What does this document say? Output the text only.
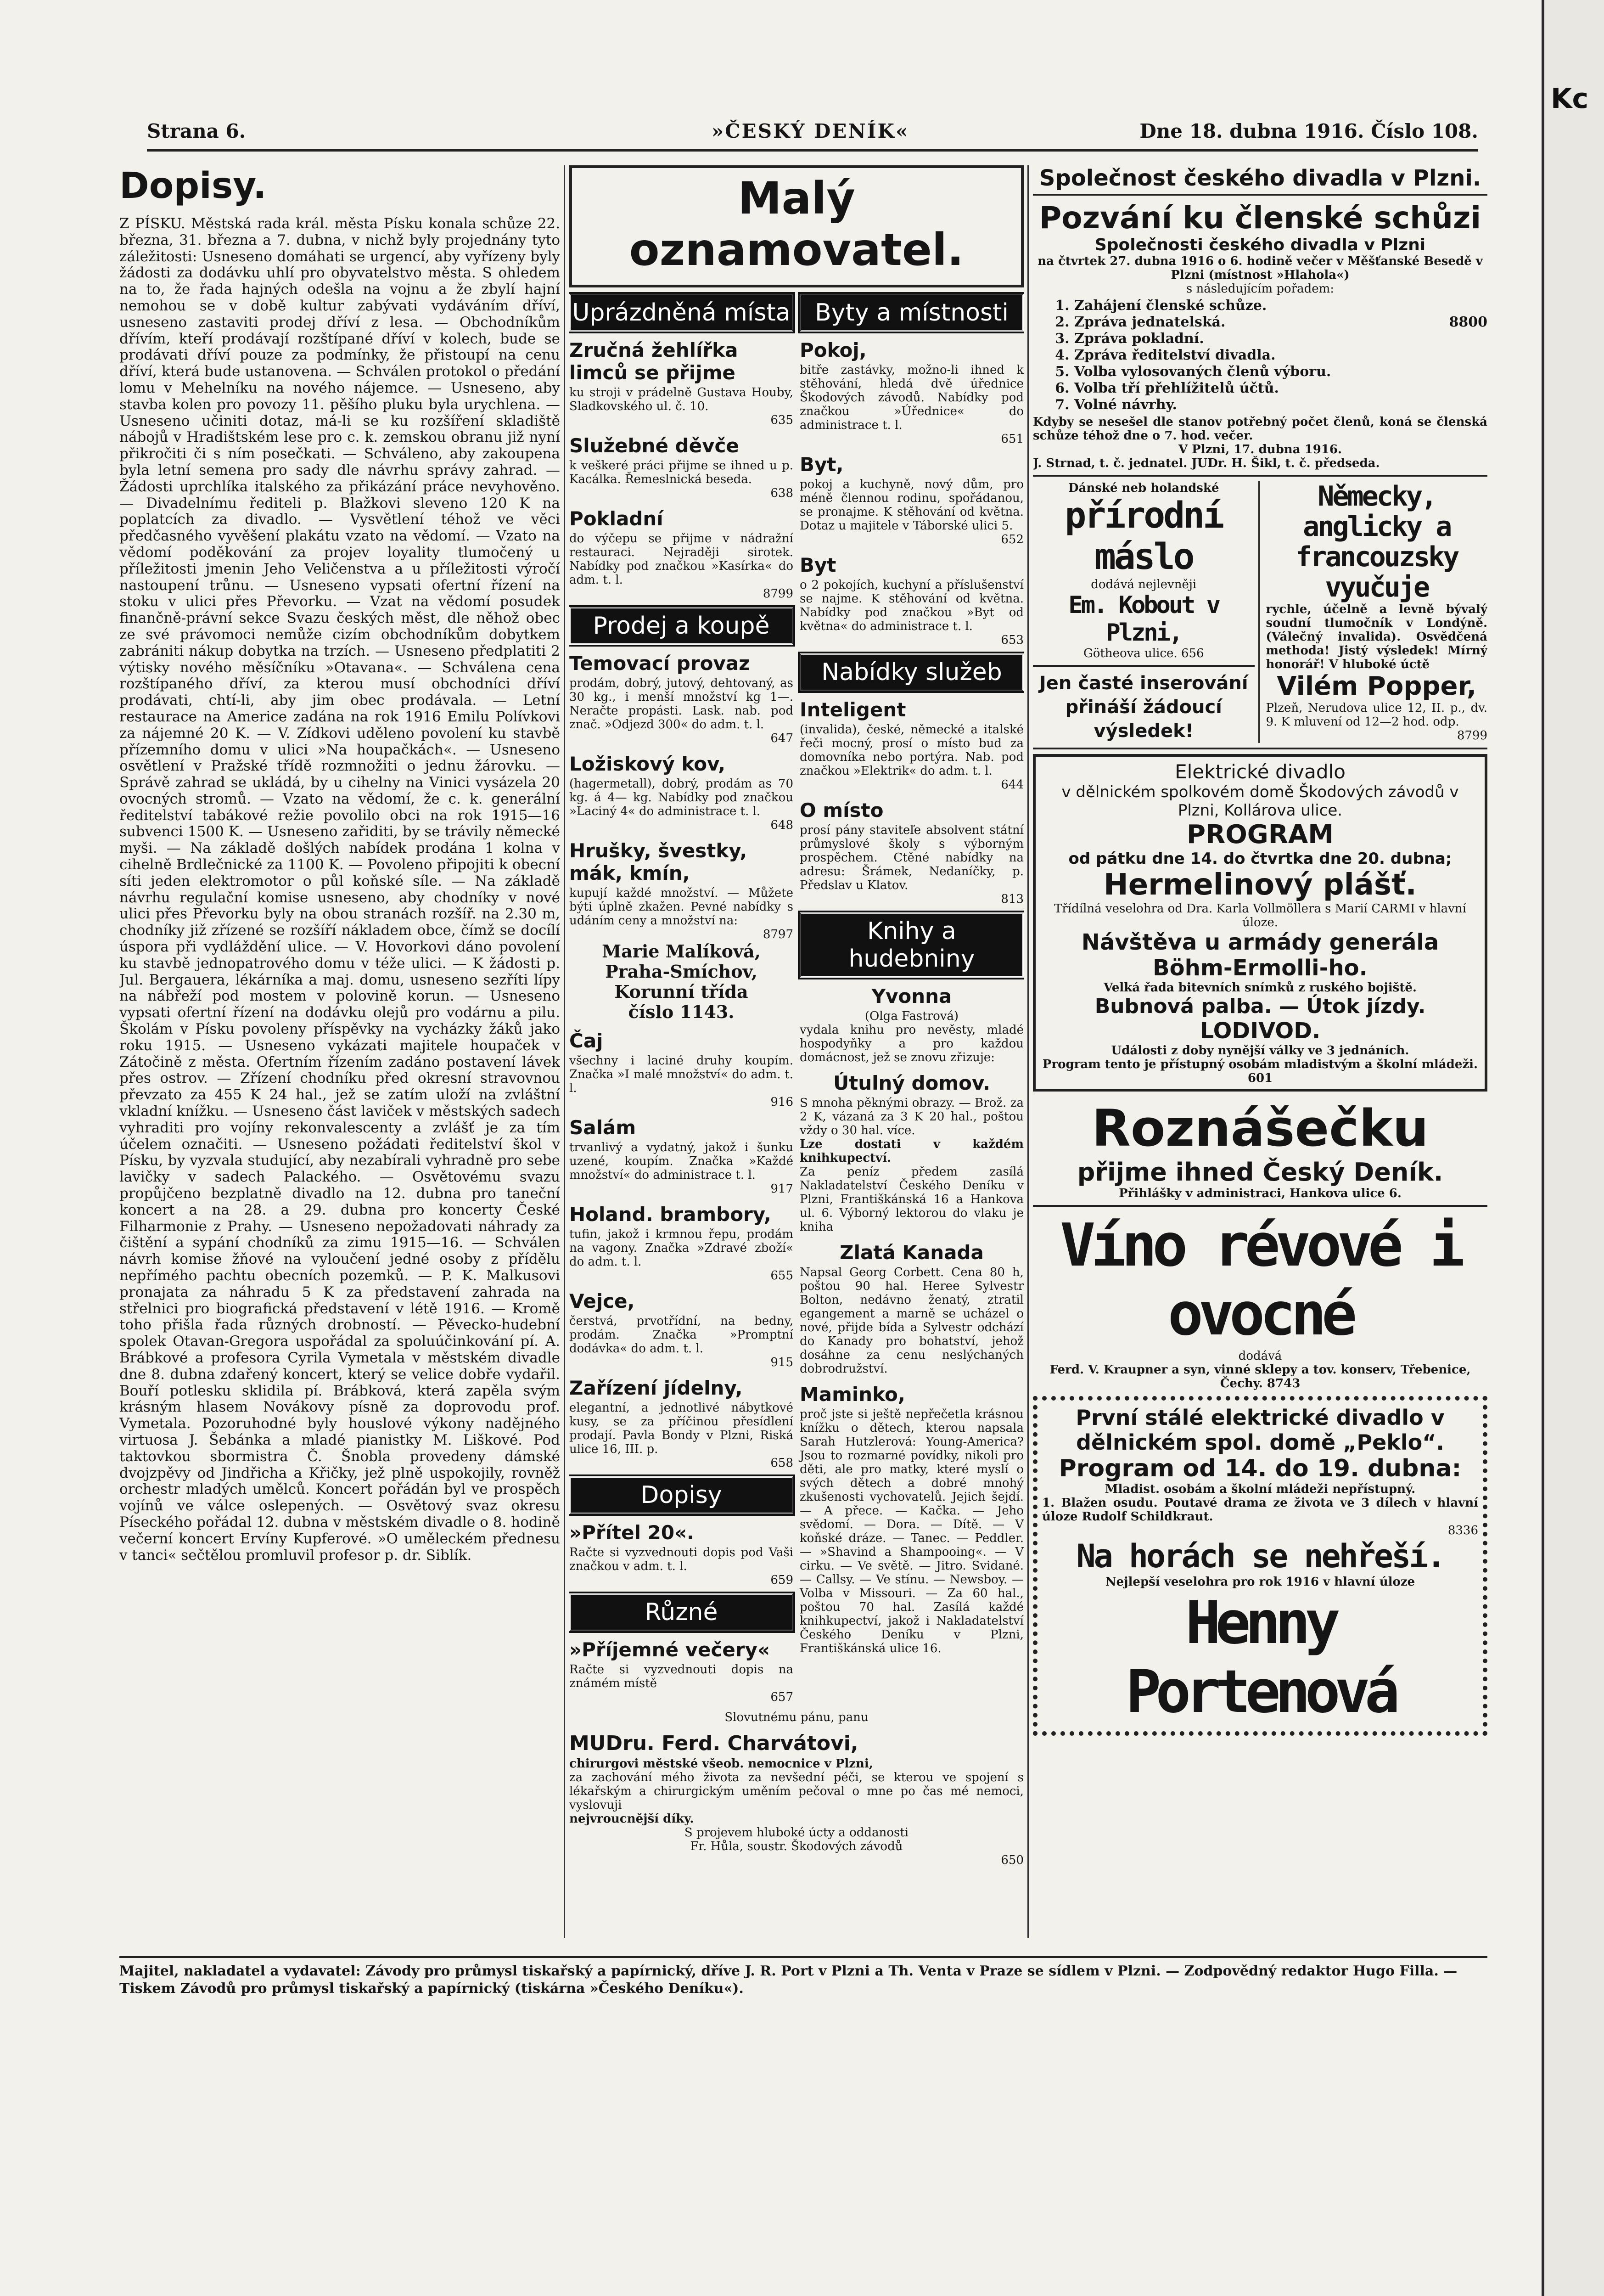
Kc
Strana 6.	»ČESKÝ DENÍK«	Dne 18. dubna 1916. Číslo 108.
Dopisy.
Z PÍSKU. Městská rada král. města Písku konala schůze 22. března, 31. března a 7. dubna, v nichž byly projednány tyto záležitosti: Usneseno domáhati se urgencí, aby vyřízeny byly žádosti za dodávku uhlí pro obyvatelstvo města. S ohledem na to, že řada hajných odešla na vojnu a že zbylí hajní nemohou se v době kultur zabývati vydáváním dříví, usneseno zastaviti prodej dříví z lesa. — Obchodníkům dřívím, kteří prodávají rozštípané dříví v kolech, bude se prodávati dříví pouze za podmínky, že přistoupí na cenu dříví, která bude ustanovena. — Schválen protokol o předání lomu v Mehelníku na nového nájemce. — Usneseno, aby stavba kolen pro povozy 11. pěšího pluku byla urychlena. — Usneseno učiniti dotaz, má-li se ku rozšíření skladiště nábojů v Hradištském lese pro c. k. zemskou obranu již nyní přikročiti či s ním posečkati. — Schváleno, aby zakoupena byla letní semena pro sady dle návrhu správy zahrad. — Žádosti uprchlíka italského za přikázání práce nevyhověno. — Divadelnímu řediteli p. Blažkovi sleveno 120 K na poplatcích za divadlo. — Vysvětlení téhož ve věci předčasného vyvěšení plakátu vzato na vědomí. — Vzato na vědomí poděkování za projev loyality tlumočený u příležitosti jmenin Jeho Veličenstva a u příležitosti výročí nastoupení trůnu. — Usneseno vypsati ofertní řízení na stoku v ulici přes Převorku. — Vzat na vědomí posudek finančně-právní sekce Svazu českých měst, dle něhož obec ze své právomoci nemůže cizím obchodníkům dobytkem zabrániti nákup dobytka na trzích. — Usneseno předplatiti 2 výtisky nového měsíčníku »Otavana«. — Schválena cena rozštípaného dříví, za kterou musí obchodníci dříví prodávati, chtí-li, aby jim obec prodávala. — Letní restaurace na Americe zadána na rok 1916 Emilu Polívkovi za nájemné 20 K. — V. Zídkovi uděleno povolení ku stavbě přízemního domu v ulici »Na houpačkách«. — Usneseno osvětlení v Pražské třídě rozmnožiti o jednu žárovku. — Správě zahrad se ukládá, by u cihelny na Vinici vysázela 20 ovocných stromů. — Vzato na vědomí, že c. k. generální ředitelství tabákové režie povolilo obci na rok 1915—16 subvenci 1500 K. — Usneseno zařiditi, by se trávily německé myši. — Na základě došlých nabídek prodána 1 kolna v cihelně Brdlečnické za 1100 K. — Povoleno připojiti k obecní síti jeden elektromotor o půl koňské síle. — Na základě návrhu regulační komise usneseno, aby chodníky v nové ulici přes Převorku byly na obou stranách rozšíř. na 2.30 m, chodníky již zřízené se rozšíří nákladem obce, čímž se docílí úspora při vydláždění ulice. — V. Hovorkovi dáno povolení ku stavbě jednopatrového domu v téže ulici. — K žádosti p. Jul. Bergauera, lékárníka a maj. domu, usneseno sezříti lípy na nábřeží pod mostem v polovině korun. — Usneseno vypsati ofertní řízení na dodávku olejů pro vodárnu a pilu. Školám v Písku povoleny příspěvky na vycházky žáků jako roku 1915. — Usneseno vykázati majitele houpaček v Zátočině z města. Ofertním řízením zadáno postavení lávek přes ostrov. — Zřízení chodníku před okresní stravovnou převzato za 455 K 24 hal., jež se zatím uloží na zvláštní vkladní knížku. — Usneseno část laviček v městských sadech vyhraditi pro vojíny rekonvalescenty a zvlášť je za tím účelem označiti. — Usneseno požádati ředitelství škol v Písku, by vyzvala studující, aby nezabírali vyhradně pro sebe lavičky v sadech Palackého. — Osvětovému svazu propůjčeno bezplatně divadlo na 12. dubna pro taneční koncert a na 28. a 29. dubna pro koncerty České Filharmonie z Prahy. — Usneseno nepožadovati náhrady za čištění a sypání chodníků za zimu 1915—16. — Schválen návrh komise žňové na vyloučení jedné osoby z přídělu nepřímého pachtu obecních pozemků. — P. K. Malkusovi pronajata za náhradu 5 K za představení zahrada na střelnici pro biografická představení v létě 1916. — Kromě toho přišla řada různých drobností. — Pěvecko-hudební spolek Otavan-Gregora uspořádal za spoluúčinkování pí. A. Brábkové a profesora Cyrila Vymetala v městském divadle dne 8. dubna zdařený koncert, který se velice dobře vydařil. Bouří potlesku sklidila pí. Brábková, která zapěla svým krásným hlasem Novákovy písně za doprovodu prof. Vymetala. Pozoruhodné byly houslové výkony nadějného virtuosa J. Šebánka a mladé pianistky M. Liškové. Pod taktovkou sbormistra Č. Šnobla provedeny dámské dvojzpěvy od Jindřicha a Křičky, jež plně uspokojily, rovněž orchestr mladých umělců. Koncert pořádán byl ve prospěch vojínů ve válce oslepených. — Osvětový svaz okresu Píseckého pořádal 12. dubna v městském divadle o 8. hodině večerní koncert Ervíny Kupferové. »O uměleckém přednesu v tanci« sečtělou promluvil profesor p. dr. Siblík.
Malý oznamovatel.
Uprázdněná místa
Zručná žehlířka limců se přijme
ku stroji v prádelně Gustava Houby, Sladkovského ul. č. 10.
635
Služebné děvče
k veškeré práci přijme se ihned u p. Kacálka. Řemeslnická beseda.
638
Pokladní
do výčepu se přijme v nádražní restauraci. Nejraději sirotek. Nabídky pod značkou »Kasírka« do adm. t. l.
8799
Prodej a koupě
Temovací provaz
prodám, dobrý, jutový, dehtovaný, as 30 kg., i menší množství kg 1—. Neračte propásti. Lask. nab. pod znač. »Odjezd 300« do adm. t. l.
647
Ložiskový kov,
(hagermetall), dobrý, prodám as 70 kg. á 4— kg. Nabídky pod značkou »Laciný 4« do administrace t. l.
648
Hrušky, švestky, mák, kmín,
kupují každé množství. — Můžete býti úplně zkažen. Pevné nabídky s udáním ceny a množství na:
8797
Marie Malíková,
Praha-Smíchov,
Korunní třída
číslo 1143.
Čaj
všechny i laciné druhy koupím. Značka »I malé množství« do adm. t. l.
916
Salám
trvanlivý a vydatný, jakož i šunku uzené, koupím. Značka »Každé množství« do administrace t. l.
917
Holand. brambory,
tufin, jakož i krmnou řepu, prodám na vagony. Značka »Zdravé zboží« do adm. t. l.
655
Vejce,
čerstvá, prvotřídní, na bedny, prodám. Značka »Promptní dodávka« do adm. t. l.
915
Zařízení jídelny,
elegantní, a jednotlivé nábytkové kusy, se za příčinou přesídlení prodají. Pavla Bondy v Plzni, Riská ulice 16, III. p.
658
Dopisy
»Přítel 20«.
Račte si vyzvednouti dopis pod Vaši značkou v adm. t. l.
659
Různé
»Příjemné večery«
Račte si vyzvednouti dopis na známém místě
657
Byty a místnosti
Pokoj,
bitře zastávky, možno-li ihned k stěhování, hledá dvě úřednice Škodových závodů. Nabídky pod značkou »Úřednice« do administrace t. l.
651
Byt,
pokoj a kuchyně, nový dům, pro méně člennou rodinu, spořádanou, se pronajme. K stěhování od května. Dotaz u majitele v Táborské ulici 5.
652
Byt
o 2 pokojích, kuchyní a příslušenství se najme. K stěhování od května. Nabídky pod značkou »Byt od května« do administrace t. l.
653
Nabídky služeb
Inteligent
(invalida), české, německé a italské řeči mocný, prosí o místo bud za domovníka nebo portýra. Nab. pod značkou »Elektrik« do adm. t. l.
644
O místo
prosí pány staviteľe absolvent státní průmyslové školy s výborným prospěchem. Ctěné nabídky na adresu: Šrámek, Nedaníčky, p. Předslav u Klatov.
813
Knihy a hudebniny
Yvonna
(Olga Fastrová)
vydala knihu pro nevěsty, mladé hospodyňky a pro každou domácnost, jež se znovu zřizuje:
Útulný domov.
S mnoha pěknými obrazy. — Brož. za 2 K, vázaná za 3 K 20 hal., poštou vždy o 30 hal. více.
Lze dostati v každém knihkupectví.
Za peníz předem zasílá Nakladatelství Českého Deníku v Plzni, Františkánská 16 a Hankova ul. 6. Výborný lektorou do vlaku je kniha
Zlatá Kanada
Napsal Georg Corbett. Cena 80 h, poštou 90 hal. Heree Sylvestr Bolton, nedávno ženatý, ztratil egangement a marně se ucházel o nové, přijde bída a Sylvestr odchází do Kanady pro bohatství, jehož dosáhne za cenu neslýchaných dobrodružství.
Maminko,
proč jste si ještě nepřečetla krásnou knížku o dětech, kterou napsala Sarah Hutzlerová: Young-America? Jsou to rozmarné povídky, nikoli pro děti, ale pro matky, které myslí o svých dětech a dobré mnohý zkušenosti vychovatelů. Jejich šejdí. — A přece. — Kačka. — Jeho svědomí. — Dora. — Dítě. — V koňské dráze. — Tanec. — Peddler. — »Shavind a Shampooing«. — V cirku. — Ve světě. — Jitro. Svidané. — Callsy. — Ve stínu. — Newsboy. — Volba v Missouri. — Za 60 hal., poštou 70 hal. Zasílá každé knihkupectví, jakož i Nakladatelství Českého Deníku v Plzni, Františkánská ulice 16.
Slovutnému pánu, panu
MUDru. Ferd. Charvátovi,
chirurgovi městské všeob. nemocnice v Plzni,
za zachování mého života za nevšední péči, se kterou ve spojení s lékařským a chirurgickým uměním pečoval o mne po čas mé nemoci, vyslovuji
nejvroucnější díky.
S projevem hluboké úcty a oddanosti
Fr. Hůla, soustr. Škodových závodů
650
Společnost českého divadla v Plzni.
Pozvání ku členské schůzi
Společnosti českého divadla v Plzni
na čtvrtek 27. dubna 1916 o 6. hodině večer v Měšťanské Besedě v Plzni (místnost »Hlahola«)
s následujícím pořadem:
1. Zahájení členské schůze.
2. Zpráva jednatelská.	8800
3. Zpráva pokladní.
4. Zpráva ředitelství divadla.
5. Volba vylosovaných členů výboru.
6. Volba tří přehlížitelů účtů.
7. Volné návrhy.
Kdyby se nesešel dle stanov potřebný počet členů, koná se členská schůze téhož dne o 7. hod. večer.
V Plzni, 17. dubna 1916.
J. Strnad, t. č. jednatel. JUDr. H. Šikl, t. č. předseda.
Dánské neb holandské
přírodní máslo
dodává nejlevněji
Em. Kobout v Plzni,
Götheova ulice. 656
Jen časté inserování přináší žádoucí výsledek!
Německy, anglicky a francouzsky vyučuje
rychle, účelně a levně bývalý soudní tlumočník v Londýně. (Válečný invalida). Osvědčená methoda! Jistý výsledek! Mírný honorář! V hluboké úctě
Vilém Popper,
Plzeň, Nerudova ulice 12, II. p., dv. 9. K mluvení od 12—2 hod. odp.
8799
Elektrické divadlo
v dělnickém spolkovém domě Škodových závodů v Plzni, Kollárova ulice.
PROGRAM
od pátku dne 14. do čtvrtka dne 20. dubna;
Hermelinový plášť.
Třídílná veselohra od Dra. Karla Vollmöllera s Marií CARMI v hlavní úloze.
Návštěva u armády generála Böhm-Ermolli-ho.
Velká řada bitevních snímků z ruského bojiště.
Bubnová palba. — Útok jízdy.
LODIVOD.
Události z doby nynější války ve 3 jednáních.
Program tento je přístupný osobám mladistvým a školní mládeži. 601
Roznášečku
přijme ihned Český Deník.
Přihlášky v administraci, Hankova ulice 6.
Víno révové i ovocné
dodává
Ferd. V. Kraupner a syn, vinné sklepy a tov. konserv, Třebenice, Čechy. 8743
První stálé elektrické divadlo v dělnickém spol. domě „Peklo“.
Program od 14. do 19. dubna:
Mladist. osobám a školní mládeži nepřístupný.
1. Blažen osudu. Poutavé drama ze života ve 3 dílech v hlavní úloze Rudolf Schildkraut.
8336
Na horách se nehřeší.
Nejlepší veselohra pro rok 1916 v hlavní úloze
Henny Portenová
Majitel, nakladatel a vydavatel: Závody pro průmysl tiskařský a papírnický, dříve J. R. Port v Plzni a Th. Venta v Praze se sídlem v Plzni. — Zodpovědný redaktor Hugo Filla. — Tiskem Závodů pro průmysl tiskařský a papírnický (tiskárna »Českého Deníku«).
